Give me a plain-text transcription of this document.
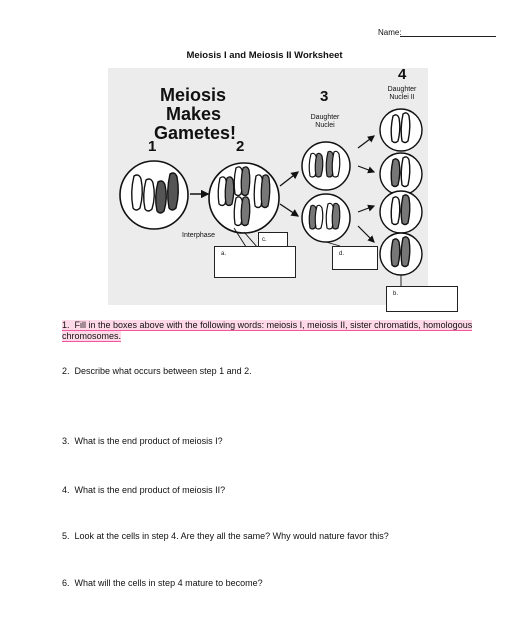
Name:
Meiosis I and Meiosis II Worksheet
Meiosis
Makes
Gametes!
1	2
3
4
Daughter
Nuclei
Daughter
Nuclei II
Interphase
c.
a.	d.
b.
1. Fill in the boxes above with the following words: meiosis I, meiosis II, sister chromatids, homologous chromosomes.
2. Describe what occurs between step 1 and 2.
3. What is the end product of meiosis I?
4. What is the end product of meiosis II?
5. Look at the cells in step 4. Are they all the same? Why would nature favor this?
6. What will the cells in step 4 mature to become?
